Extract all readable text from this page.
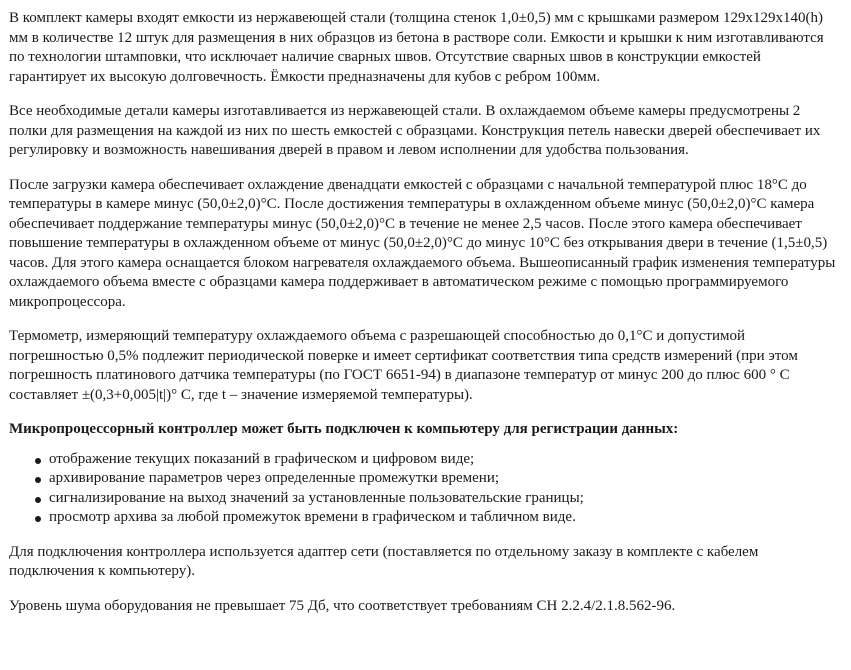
В комплект камеры входят емкости из нержавеющей стали (толщина стенок 1,0±0,5) мм с крышками размером 129x129x140(h) мм в количестве 12 штук для размещения в них образцов из бетона в растворе соли. Емкости и крышки к ним изготавливаются по технологии штамповки, что исключает наличие сварных швов. Отсутствие сварных швов в конструкции емкостей гарантирует их высокую долговечность. Ёмкости предназначены для кубов с ребром 100мм.

Все необходимые детали камеры изготавливается из нержавеющей стали. В охлаждаемом объеме камеры предусмотрены 2 полки для размещения на каждой из них по шесть емкостей с образцами. Конструкция петель навески дверей обеспечивает их регулировку и возможность навешивания дверей в правом и левом исполнении для удобства пользования.

После загрузки камера обеспечивает охлаждение двенадцати емкостей с образцами с начальной температурой плюс 18°С до температуры в камере минус (50,0±2,0)°С. После достижения температуры в охлажденном объеме минус (50,0±2,0)°С камера обеспечивает поддержание температуры минус (50,0±2,0)°С в течение не менее 2,5 часов. После этого камера обеспечивает повышение температуры в охлажденном объеме от минус (50,0±2,0)°С до минус 10°С без открывания двери в течение (1,5±0,5) часов. Для этого камера оснащается блоком нагревателя охлаждаемого объема. Вышеописанный график изменения температуры охлаждаемого объема вместе с образцами камера поддерживает в автоматическом режиме с помощью программируемого микропроцессора.

Термометр, измеряющий температуру охлаждаемого объема с разрешающей способностью до 0,1°С и допустимой погрешностью 0,5% подлежит периодической поверке и имеет сертификат соответствия типа средств измерений (при этом погрешность платинового датчика температуры (по ГОСТ 6651-94) в диапазоне температур от минус 200 до плюс 600 ° С составляет ±(0,3+0,005|t|)° С, где t – значение измеряемой температуры).

Микропроцессорный контроллер может быть подключен к компьютеру для регистрации данных:

отображение текущих показаний в графическом и цифровом виде;
архивирование параметров через определенные промежутки времени;
сигнализирование на выход значений за установленные пользовательские границы;
просмотр архива за любой промежуток времени в графическом и табличном виде.

Для подключения контроллера используется адаптер сети (поставляется по отдельному заказу в комплекте с кабелем подключения к компьютеру).

Уровень шума оборудования не превышает 75 Дб, что соответствует требованиям СН 2.2.4/2.1.8.562-96.
